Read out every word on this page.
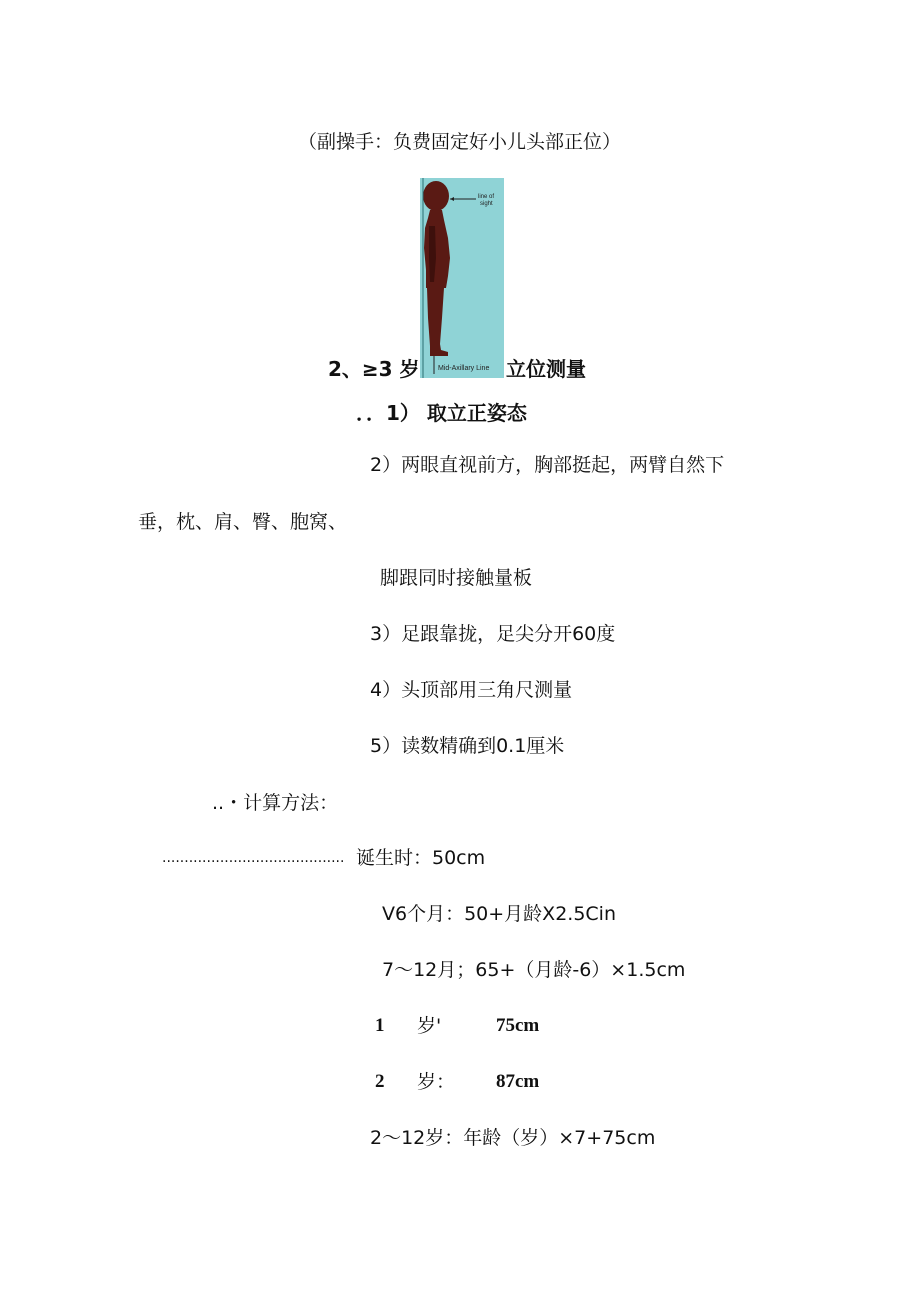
（副操手：负费固定好小儿头部正位）
line of
sight
Mid-Axillary Line
2、≥3 岁	立位测量
．．1） 取立正姿态
2）两眼直视前方，胸部挺起，两臂自然下
垂，枕、肩、臀、胞窝、
脚跟同时接触量板
3）足跟靠拢，足尖分开60度
4）头顶部用三角尺测量
5）读数精确到0.1厘米
..・计算方法：
......................................... 诞生时：50cm
V6个月：50+月龄X2.5Cin
7～12月；65+（月龄-6）×1.5cm
1 岁'	75cm
2 岁： 87cm
2～12岁：年龄（岁）×7+75cm
